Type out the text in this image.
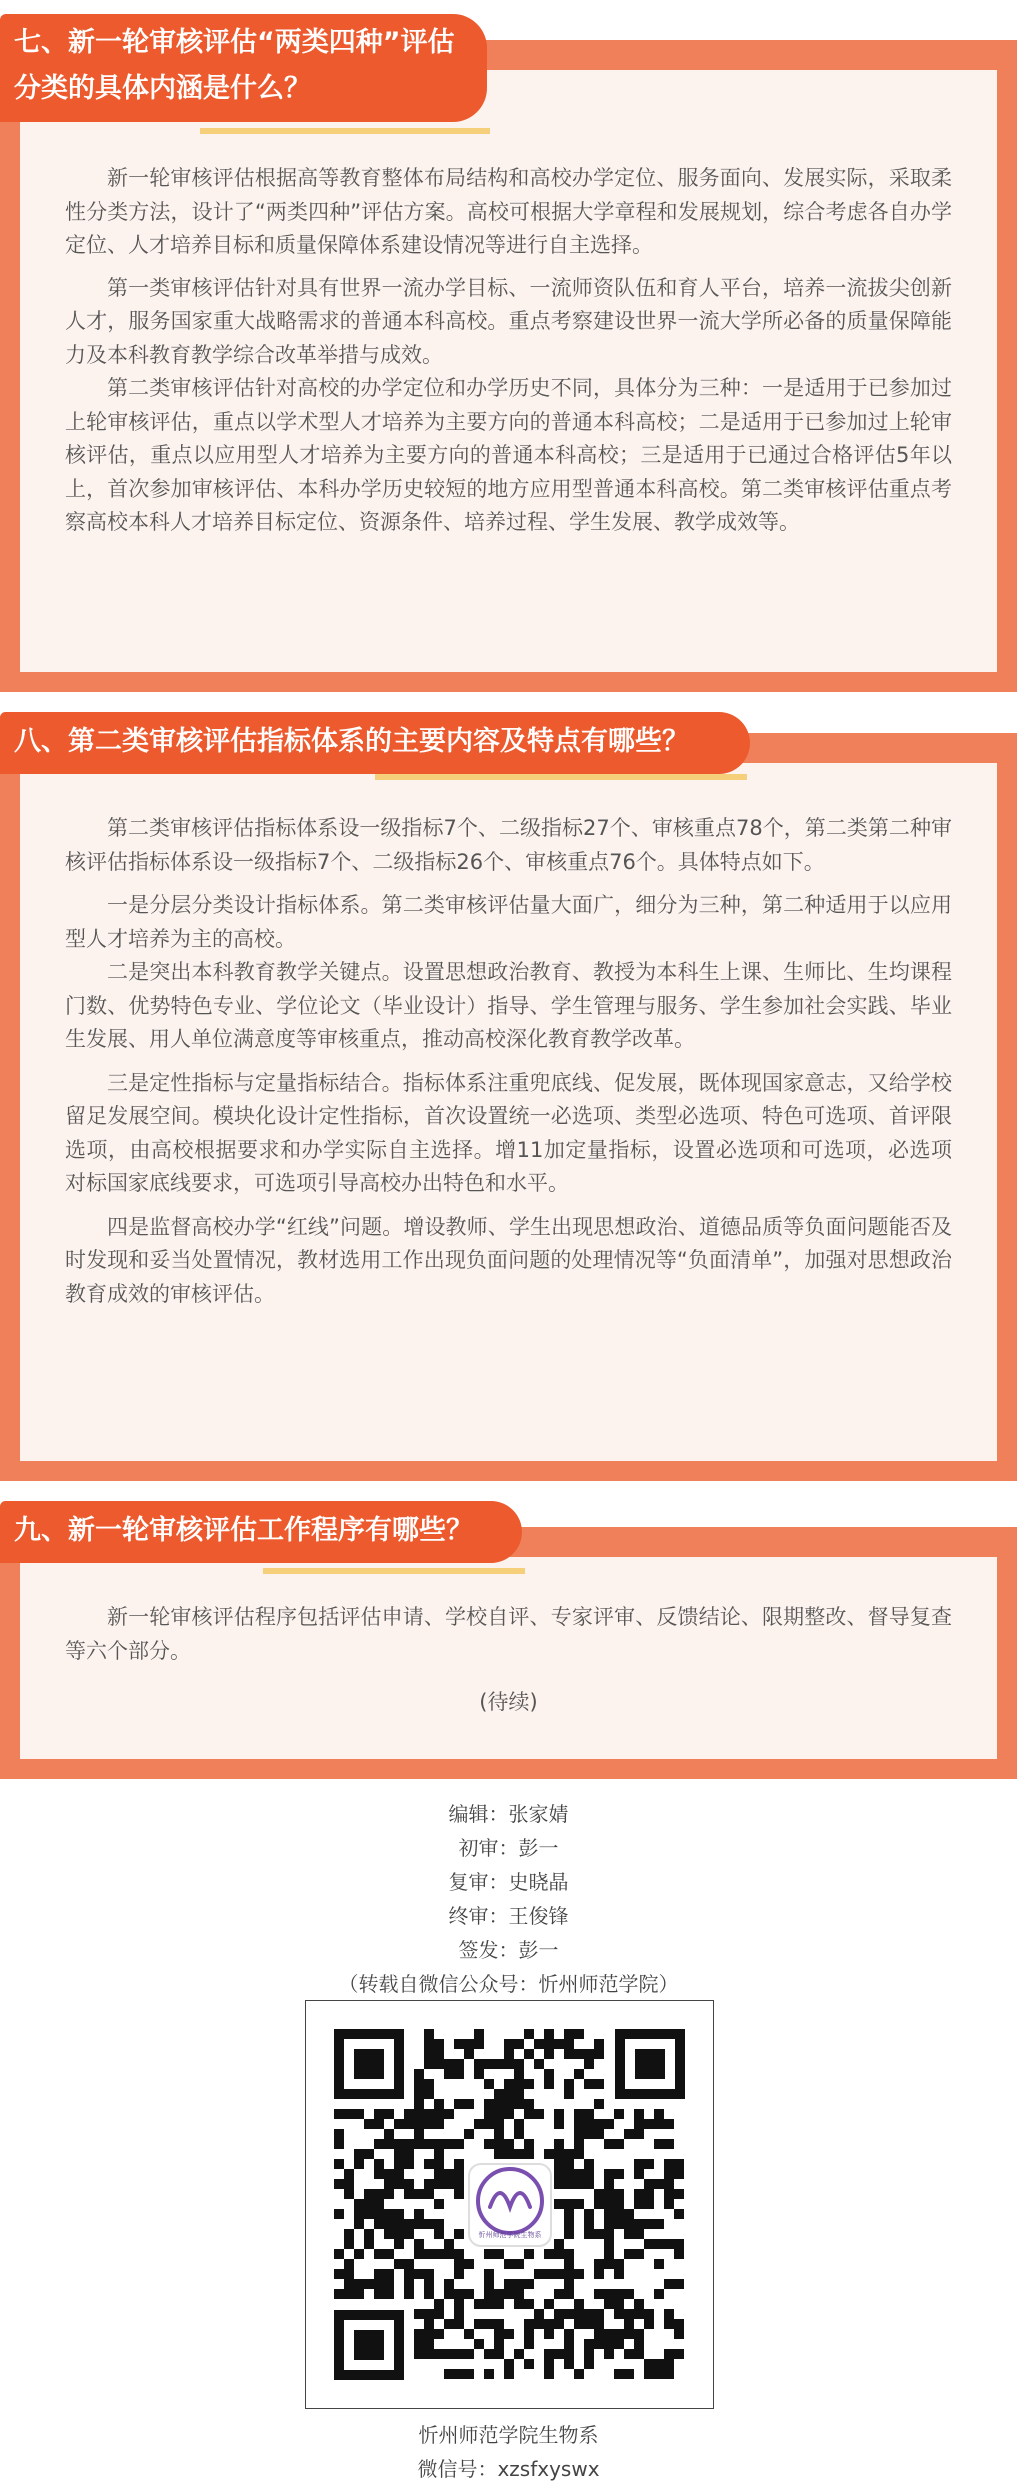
七、新一轮审核评估“两类四种”评估
分类的具体内涵是什么？

新一轮审核评估根据高等教育整体布局结构和高校办学定位、服务面向、发展实际，采取柔性分类方法，设计了“两类四种”评估方案。高校可根据大学章程和发展规划，综合考虑各自办学定位、人才培养目标和质量保障体系建设情况等进行自主选择。

第一类审核评估针对具有世界一流办学目标、一流师资队伍和育人平台，培养一流拔尖创新人才，服务国家重大战略需求的普通本科高校。重点考察建设世界一流大学所必备的质量保障能力及本科教育教学综合改革举措与成效。

第二类审核评估针对高校的办学定位和办学历史不同，具体分为三种：一是适用于已参加过上轮审核评估，重点以学术型人才培养为主要方向的普通本科高校；二是适用于已参加过上轮审核评估，重点以应用型人才培养为主要方向的普通本科高校；三是适用于已通过合格评估5年以上，首次参加审核评估、本科办学历史较短的地方应用型普通本科高校。第二类审核评估重点考察高校本科人才培养目标定位、资源条件、培养过程、学生发展、教学成效等。

八、第二类审核评估指标体系的主要内容及特点有哪些？

第二类审核评估指标体系设一级指标7个、二级指标27个、审核重点78个，第二类第二种审核评估指标体系设一级指标7个、二级指标26个、审核重点76个。具体特点如下。

一是分层分类设计指标体系。第二类审核评估量大面广，细分为三种，第二种适用于以应用型人才培养为主的高校。

二是突出本科教育教学关键点。设置思想政治教育、教授为本科生上课、生师比、生均课程门数、优势特色专业、学位论文（毕业设计）指导、学生管理与服务、学生参加社会实践、毕业生发展、用人单位满意度等审核重点，推动高校深化教育教学改革。

三是定性指标与定量指标结合。指标体系注重兜底线、促发展，既体现国家意志，又给学校留足发展空间。模块化设计定性指标，首次设置统一必选项、类型必选项、特色可选项、首评限选项，由高校根据要求和办学实际自主选择。增11加定量指标，设置必选项和可选项，必选项对标国家底线要求，可选项引导高校办出特色和水平。

四是监督高校办学“红线”问题。增设教师、学生出现思想政治、道德品质等负面问题能否及时发现和妥当处置情况，教材选用工作出现负面问题的处理情况等“负面清单”，加强对思想政治教育成效的审核评估。

九、新一轮审核评估工作程序有哪些？

新一轮审核评估程序包括评估申请、学校自评、专家评审、反馈结论、限期整改、督导复查等六个部分。

(待续)
编辑：张家婧
初审：彭一
复审：史晓晶
终审：王俊锋
签发：彭一
（转载自微信公众号：忻州师范学院）
忻州师范学院生物系
忻州师范学院生物系
微信号：xzsfxyswx
